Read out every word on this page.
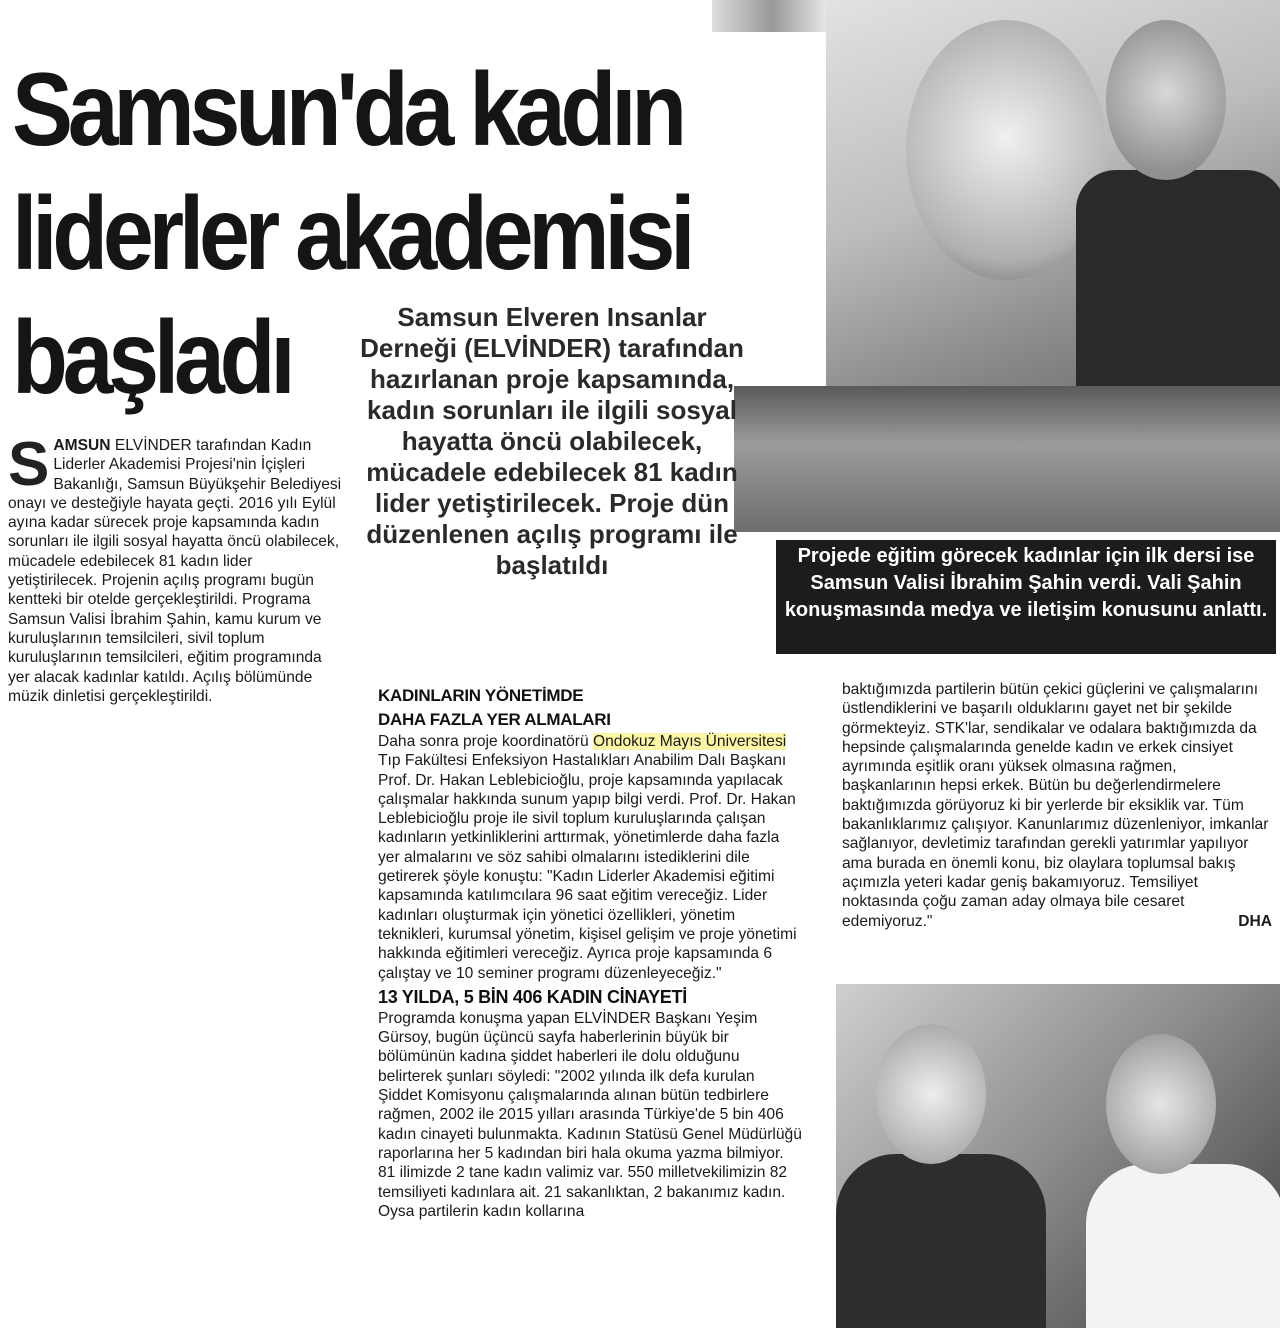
Samsun'da kadın
liderler akademisi
başladı	Samsun Elveren Insanlar Derneği (ELVİNDER) tarafından hazırlanan proje kapsamında, kadın sorunları ile ilgili sosyal hayatta öncü olabilecek, mücadele edebilecek 81 kadın lider yetiştirilecek. Proje dün düzenlenen açılış programı ile başlatıldı	Projede eğitim görecek kadınlar için ilk dersi ise Samsun Valisi İbrahim Şahin verdi. Vali Şahin konuşmasında medya ve iletişim konusunu anlattı.
SAMSUN ELVİNDER tarafından Kadın Liderler Akademisi Projesi'nin İçişleri Bakanlığı, Samsun Büyükşehir Belediyesi onayı ve desteğiyle hayata geçti. 2016 yılı Eylül ayına kadar sürecek proje kapsamında kadın sorunları ile ilgili sosyal hayatta öncü olabilecek, mücadele edebilecek 81 kadın lider yetiştirilecek. Projenin açılış programı bugün kentteki bir otelde gerçekleştirildi. Programa Samsun Valisi İbrahim Şahin, kamu kurum ve kuruluşlarının temsilcileri, sivil toplum kuruluşlarının temsilcileri, eğitim programında yer alacak kadınlar katıldı. Açılış bölümünde müzik dinletisi gerçekleştirildi.	KADINLARIN YÖNETİMDE

DAHA FAZLA YER ALMALARI

Daha sonra proje koordinatörü Ondokuz Mayıs Üniversitesi Tıp Fakültesi Enfeksiyon Hastalıkları Anabilim Dalı Başkanı Prof. Dr. Hakan Leblebicioğlu, proje kapsamında yapılacak çalışmalar hakkında sunum yapıp bilgi verdi. Prof. Dr. Hakan Leblebicioğlu proje ile sivil toplum kuruluşlarında çalışan kadınların yetkinliklerini arttırmak, yönetimlerde daha fazla yer almalarını ve söz sahibi olmalarını istediklerini dile getirerek şöyle konuştu: "Kadın Liderler Akademisi eğitimi kapsamında katılımcılara 96 saat eğitim vereceğiz. Lider kadınları oluşturmak için yönetici özellikleri, yönetim teknikleri, kurumsal yönetim, kişisel gelişim ve proje yönetimi hakkında eğitimleri vereceğiz. Ayrıca proje kapsamında 6 çalıştay ve 10 seminer programı düzenleyeceğiz."

13 YILDA, 5 BİN 406 KADIN CİNAYETİ

Programda konuşma yapan ELVİNDER Başkanı Yeşim Gürsoy, bugün üçüncü sayfa haberlerinin büyük bir bölümünün kadına şiddet haberleri ile dolu olduğunu belirterek şunları söyledi: "2002 yılında ilk defa kurulan Şiddet Komisyonu çalışmalarında alınan bütün tedbirlere rağmen, 2002 ile 2015 yılları arasında Türkiye'de 5 bin 406 kadın cinayeti bulunmakta. Kadının Statüsü Genel Müdürlüğü raporlarına her 5 kadından biri hala okuma yazma bilmiyor. 81 ilimizde 2 tane kadın valimiz var. 550 milletvekilimizin 82 temsiliyeti kadınlara ait. 21 sakanlıktan, 2 bakanımız kadın. Oysa partilerin kadın kollarına

baktığımızda partilerin bütün çekici güçlerini ve çalışmalarını üstlendiklerini ve başarılı olduklarını gayet net bir şekilde görmekteyiz. STK'lar, sendikalar ve odalara baktığımızda da hepsinde çalışmalarında genelde kadın ve erkek cinsiyet ayrımında eşitlik oranı yüksek olmasına rağmen, başkanlarının hepsi erkek. Bütün bu değerlendirmelere baktığımızda görüyoruz ki bir yerlerde bir eksiklik var. Tüm bakanlıklarımız çalışıyor. Kanunlarımız düzenleniyor, imkanlar sağlanıyor, devletimiz tarafından gerekli yatırımlar yapılıyor ama burada en önemli konu, biz olaylara toplumsal bakış açımızla yeteri kadar geniş bakamıyoruz. Temsiliyet noktasında çoğu zaman aday olmaya bile cesaret edemiyoruz."	DHA
